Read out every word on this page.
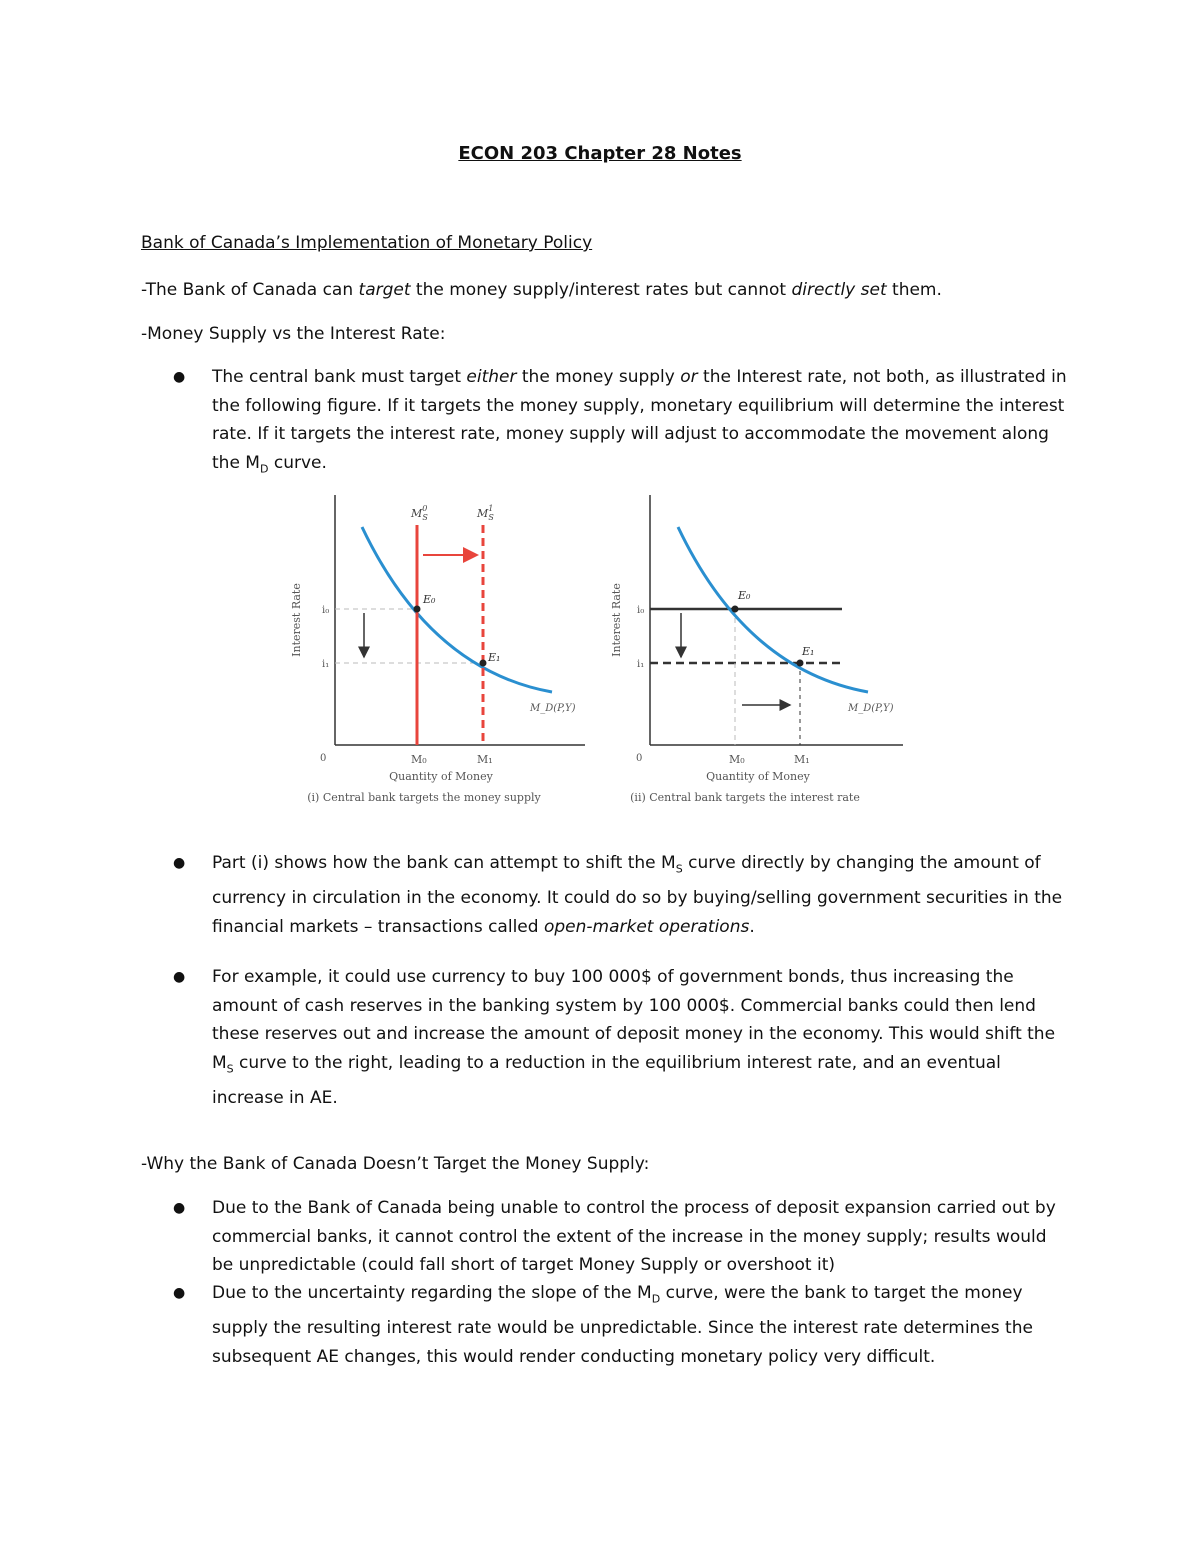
ECON 203 Chapter 28 Notes
Bank of Canada’s Implementation of Monetary Policy
-The Bank of Canada can target the money supply/interest rates but cannot directly set them.
-Money Supply vs the Interest Rate:
● The central bank must target either the money supply or the Interest rate, not both, as illustrated in the following figure. If it targets the money supply, monetary equilibrium will determine the interest rate. If it targets the interest rate, money supply will adjust to accommodate the movement along the $M_D$ curve.
Interest Rate i₀
i₁
0	M₀	M₁
Quantity of Money
(i) Central bank targets the money supply
$M^0$ S	$M^1$ S
E₀
E₁
M_D(P,Y)
Interest Rate i₀
i₁
0	M₀	M₁
Quantity of Money
(ii) Central bank targets the interest rate
E₀
E₁
M_D(P,Y)
● Part (i) shows how the bank can attempt to shift the $M_S$ curve directly by changing the amount of currency in circulation in the economy. It could do so by buying/selling government securities in the financial markets – transactions called open-market operations.
● For example, it could use currency to buy 100 000$ of government bonds, thus increasing the amount of cash reserves in the banking system by 100 000$. Commercial banks could then lend these reserves out and increase the amount of deposit money in the economy. This would shift the $M_S$ curve to the right, leading to a reduction in the equilibrium interest rate, and an eventual increase in AE.
-Why the Bank of Canada Doesn’t Target the Money Supply:
● Due to the Bank of Canada being unable to control the process of deposit expansion carried out by commercial banks, it cannot control the extent of the increase in the money supply; results would be unpredictable (could fall short of target Money Supply or overshoot it)
● Due to the uncertainty regarding the slope of the $M_D$ curve, were the bank to target the money supply the resulting interest rate would be unpredictable. Since the interest rate determines the subsequent AE changes, this would render conducting monetary policy very difficult.
